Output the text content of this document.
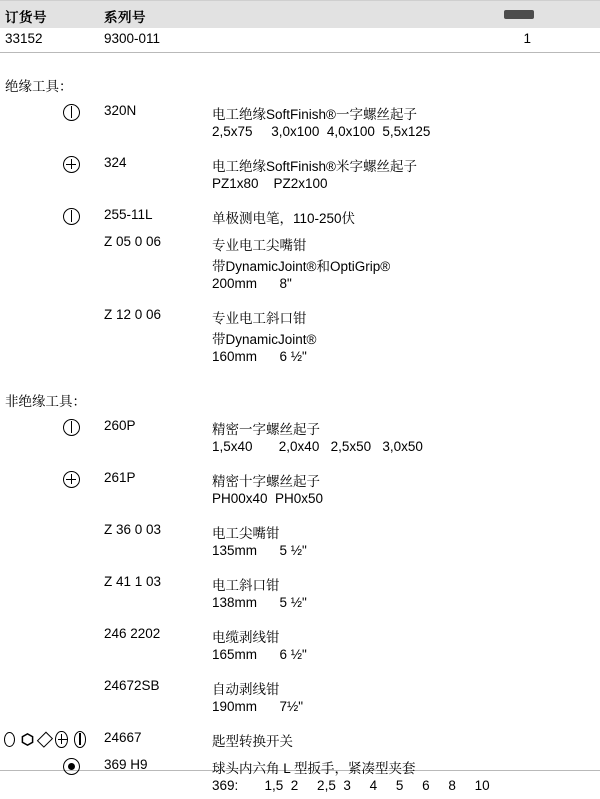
订货号	系列号
33152	9300-011	1
绝缘工具：
320N	电工绝缘SoftFinish®一字螺丝起子
2,5x75     3,0x100  4,0x100  5,5x125
324	电工绝缘SoftFinish®米字螺丝起子
PZ1x80    PZ2x100
255-11L	单极测电笔，110-250伏
Z 05 0 06	专业电工尖嘴钳
带DynamicJoint®和OptiGrip®
200mm      8"
Z 12 0 06	专业电工斜口钳
带DynamicJoint®
160mm      6 ½"
非绝缘工具：
260P	精密一字螺丝起子
1,5x40       2,0x40   2,5x50   3,0x50
261P	精密十字螺丝起子
PH00x40  PH0x50
Z 36 0 03	电工尖嘴钳
135mm      5 ½"
Z 41 1 03	电工斜口钳
138mm      5 ½"
246 2202	电缆剥线钳
165mm      6 ½"
24672SB	自动剥线钳
190mm      7½"
24667	匙型转换开关
369 H9	球头内六角 L 型扳手，紧凑型夹套
369:       1,5  2     2,5  3     4     5     6     8     10
